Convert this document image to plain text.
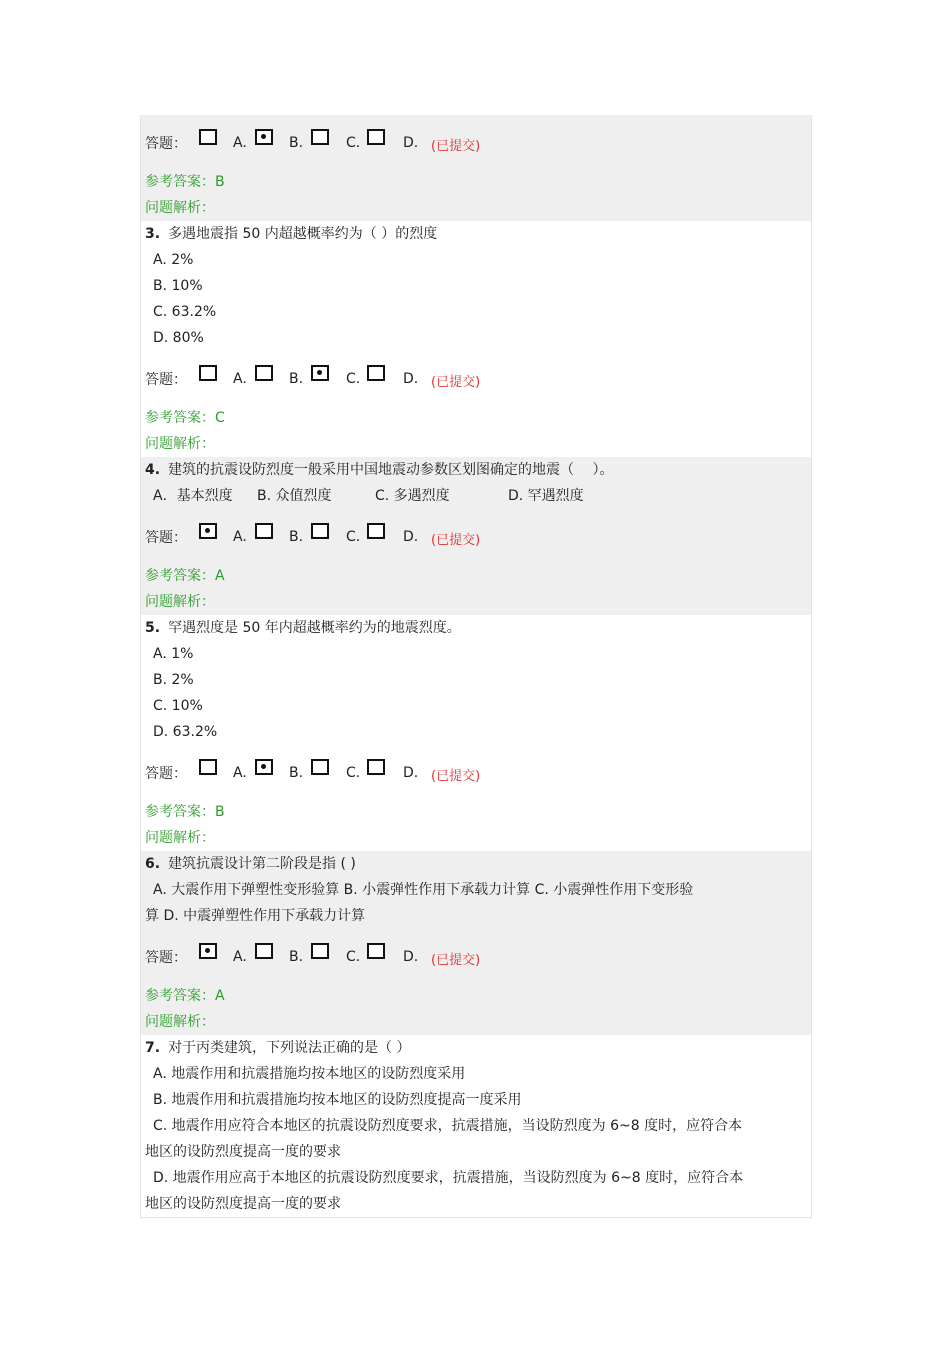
答题：	A.	B.	C.	D. (已提交)
参考答案：B
问题解析：
3. 多遇地震指 50 内超越概率约为（ ）的烈度
A. 2%
B. 10%
C. 63.2%
D. 80%
答题：	A.	B.	C.	D. (已提交)
参考答案：C
问题解析：
4. 建筑的抗震设防烈度一般采用中国地震动参数区划图确定的地震（　 ）。
A．基本烈度 B. 众值烈度	C. 多遇烈度	D. 罕遇烈度
答题：	A.	B.	C.	D. (已提交)
参考答案：A
问题解析：
5. 罕遇烈度是 50 年内超越概率约为的地震烈度。
A. 1%
B. 2%
C. 10%
D. 63.2%
答题：	A.	B.	C.	D. (已提交)
参考答案：B
问题解析：
6. 建筑抗震设计第二阶段是指 ( )
A. 大震作用下弹塑性变形验算 B. 小震弹性作用下承载力计算 C. 小震弹性作用下变形验
算 D. 中震弹塑性作用下承载力计算
答题：	A.	B.	C.	D. (已提交)
参考答案：A
问题解析：
7. 对于丙类建筑，下列说法正确的是（ ）
A. 地震作用和抗震措施均按本地区的设防烈度采用
B. 地震作用和抗震措施均按本地区的设防烈度提高一度采用
C. 地震作用应符合本地区的抗震设防烈度要求，抗震措施，当设防烈度为 6~8 度时，应符合本
地区的设防烈度提高一度的要求
D. 地震作用应高于本地区的抗震设防烈度要求，抗震措施，当设防烈度为 6~8 度时，应符合本
地区的设防烈度提高一度的要求
